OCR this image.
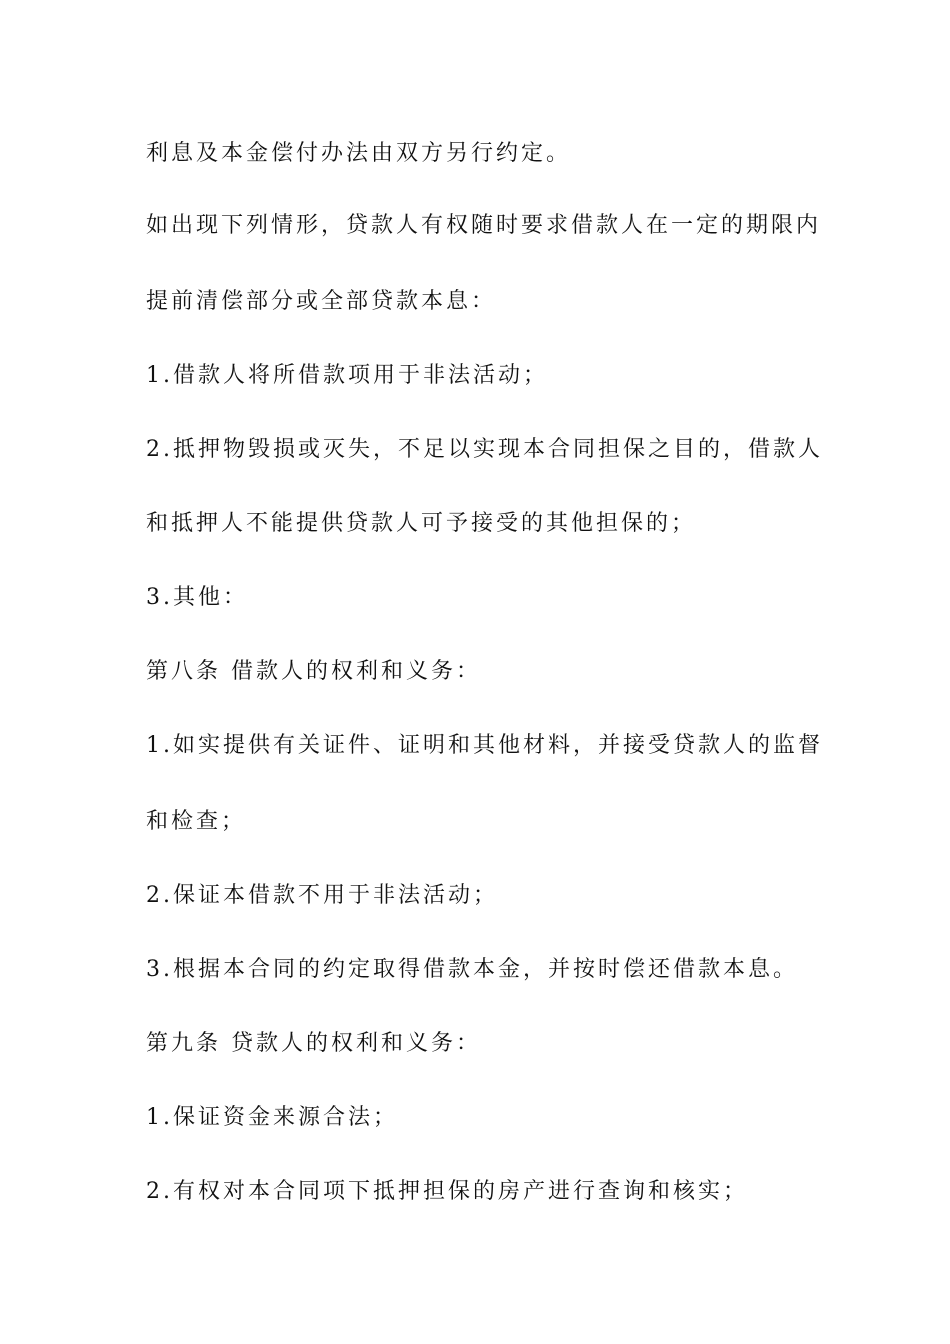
利息及本金偿付办法由双方另行约定。
如出现下列情形，贷款人有权随时要求借款人在一定的期限内
提前清偿部分或全部贷款本息：
1.借款人将所借款项用于非法活动；
2.抵押物毁损或灭失，不足以实现本合同担保之目的，借款人
和抵押人不能提供贷款人可予接受的其他担保的；
3.其他：
第八条 借款人的权利和义务：
1.如实提供有关证件、证明和其他材料，并接受贷款人的监督
和检查；
2.保证本借款不用于非法活动；
3.根据本合同的约定取得借款本金，并按时偿还借款本息。
第九条 贷款人的权利和义务：
1.保证资金来源合法；
2.有权对本合同项下抵押担保的房产进行查询和核实；
